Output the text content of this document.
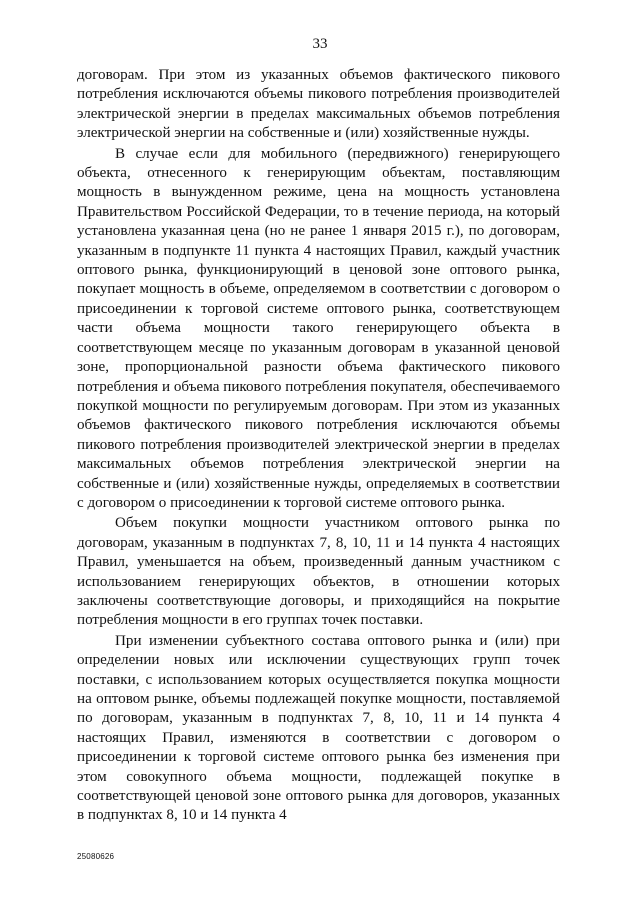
33

договорам. При этом из указанных объемов фактического пикового потребления исключаются объемы пикового потребления производителей электрической энергии в пределах максимальных объемов потребления электрической энергии на собственные и (или) хозяйственные нужды.

В случае если для мобильного (передвижного) генерирующего объекта, отнесенного к генерирующим объектам, поставляющим мощность в вынужденном режиме, цена на мощность установлена Правительством Российской Федерации, то в течение периода, на который установлена указанная цена (но не ранее 1 января 2015 г.), по договорам, указанным в подпункте 11 пункта 4 настоящих Правил, каждый участник оптового рынка, функционирующий в ценовой зоне оптового рынка, покупает мощность в объеме, определяемом в соответствии с договором о присоединении к торговой системе оптового рынка, соответствующем части объема мощности такого генерирующего объекта в соответствующем месяце по указанным договорам в указанной ценовой зоне, пропорциональной разности объема фактического пикового потребления и объема пикового потребления покупателя, обеспечиваемого покупкой мощности по регулируемым договорам. При этом из указанных объемов фактического пикового потребления исключаются объемы пикового потребления производителей электрической энергии в пределах максимальных объемов потребления электрической энергии на собственные и (или) хозяйственные нужды, определяемых в соответствии с договором о присоединении к торговой системе оптового рынка.

Объем покупки мощности участником оптового рынка по договорам, указанным в подпунктах 7, 8, 10, 11 и 14 пункта 4 настоящих Правил, уменьшается на объем, произведенный данным участником с использованием генерирующих объектов, в отношении которых заключены соответствующие договоры, и приходящийся на покрытие потребления мощности в его группах точек поставки.

При изменении субъектного состава оптового рынка и (или) при определении новых или исключении существующих групп точек поставки, с использованием которых осуществляется покупка мощности на оптовом рынке, объемы подлежащей покупке мощности, поставляемой по договорам, указанным в подпунктах 7, 8, 10, 11 и 14 пункта 4 настоящих Правил, изменяются в соответствии с договором о присоединении к торговой системе оптового рынка без изменения при этом совокупного объема мощности, подлежащей покупке в соответствующей ценовой зоне оптового рынка для договоров, указанных в подпунктах 8, 10 и 14 пункта 4

25080626
